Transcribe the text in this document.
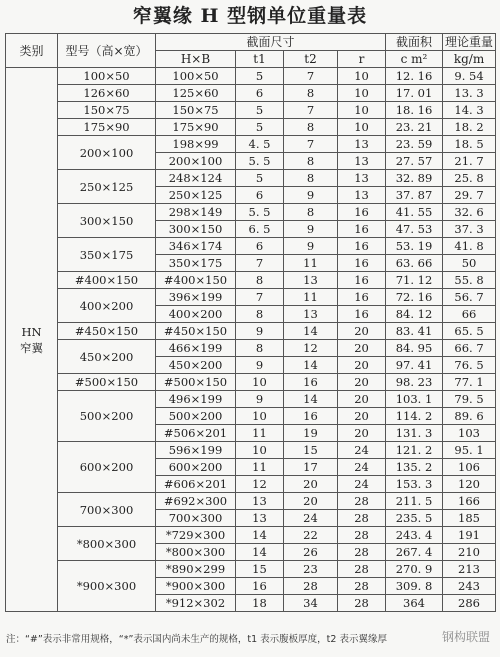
窄翼缘 H 型钢单位重量表
类别	型号（高×宽）	截面尺寸				截面积	理论重量
		H×B	t1	t2	r	c m²	kg/m
HN
窄翼	100×50	100×50	5	7	10	12. 16	9. 54
	126×60	125×60	6	8	10	17. 01	13. 3
	150×75	150×75	5	7	10	18. 16	14. 3
	175×90	175×90	5	8	10	23. 21	18. 2
	200×100	198×99	4. 5	7	13	23. 59	18. 5
		200×100	5. 5	8	13	27. 57	21. 7
	250×125	248×124	5	8	13	32. 89	25. 8
		250×125	6	9	13	37. 87	29. 7
	300×150	298×149	5. 5	8	16	41. 55	32. 6
		300×150	6. 5	9	16	47. 53	37. 3
	350×175	346×174	6	9	16	53. 19	41. 8
		350×175	7	11	16	63. 66	50
	#400×150	#400×150	8	13	16	71. 12	55. 8
	400×200	396×199	7	11	16	72. 16	56. 7
		400×200	8	13	16	84. 12	66
	#450×150	#450×150	9	14	20	83. 41	65. 5
	450×200	466×199	8	12	20	84. 95	66. 7
		450×200	9	14	20	97. 41	76. 5
	#500×150	#500×150	10	16	20	98. 23	77. 1
	500×200	496×199	9	14	20	103. 1	79. 5
		500×200	10	16	20	114. 2	89. 6
		#506×201	11	19	20	131. 3	103
	600×200	596×199	10	15	24	121. 2	95. 1
		600×200	11	17	24	135. 2	106
		#606×201	12	20	24	153. 3	120
	700×300	#692×300	13	20	28	211. 5	166
		700×300	13	24	28	235. 5	185
	*800×300	*729×300	14	22	28	243. 4	191
		*800×300	14	26	28	267. 4	210
	*900×300	*890×299	15	23	28	270. 9	213
		*900×300	16	28	28	309. 8	243
		*912×302	18	34	28	364	286
注：“#”表示非常用规格，“*”表示国内尚未生产的规格，t1 表示腹板厚度，t2 表示翼缘厚	钢构联盟
